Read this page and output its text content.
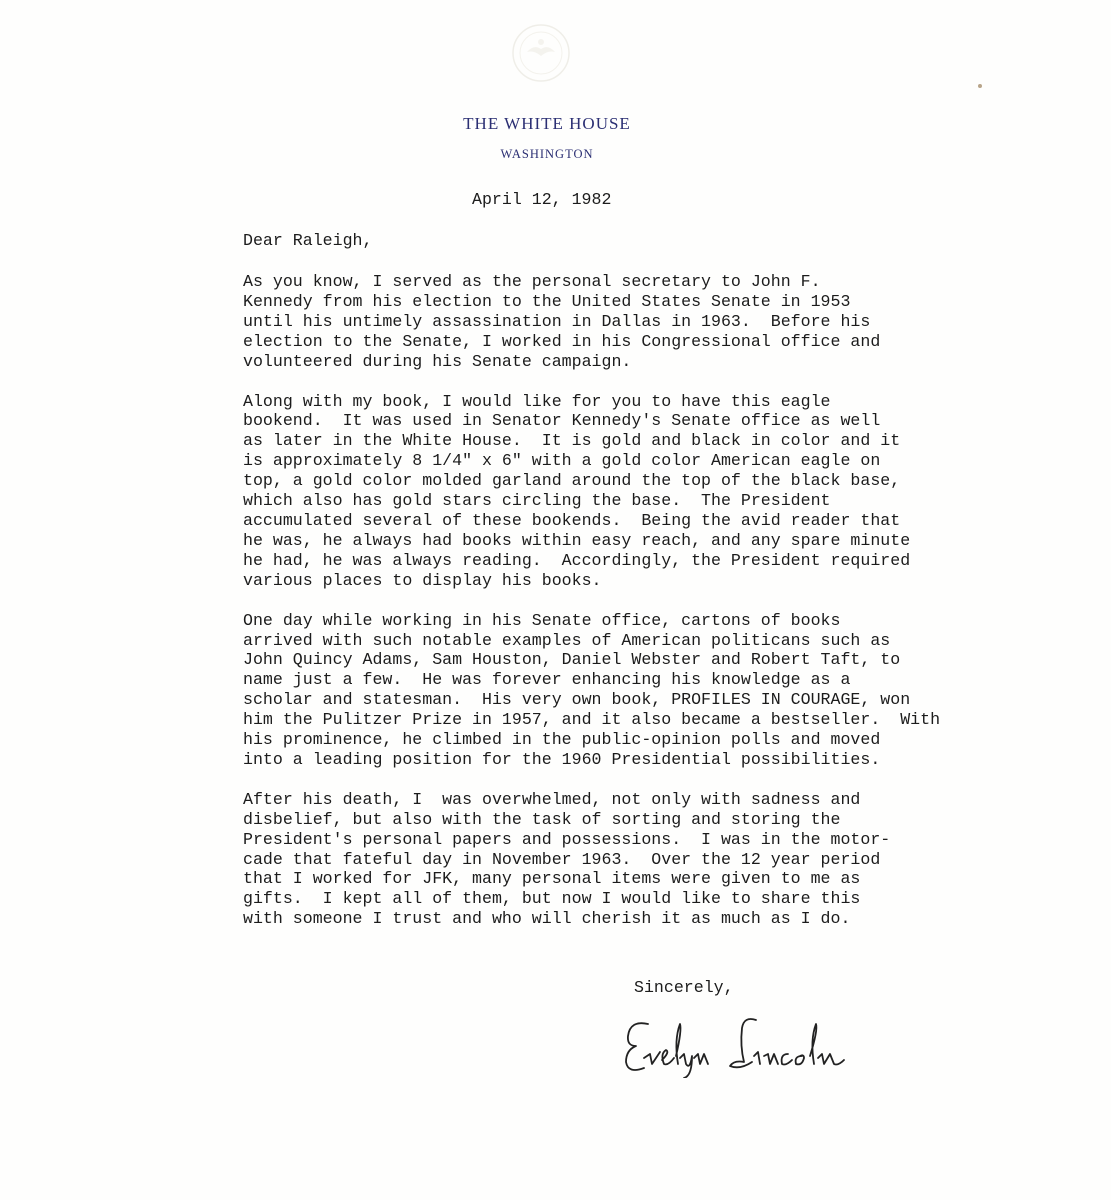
THE WHITE HOUSE
WASHINGTON
April 12, 1982
Dear Raleigh,

As you know, I served as the personal secretary to John F.
Kennedy from his election to the United States Senate in 1953
until his untimely assassination in Dallas in 1963.  Before his
election to the Senate, I worked in his Congressional office and
volunteered during his Senate campaign.

Along with my book, I would like for you to have this eagle
bookend.  It was used in Senator Kennedy's Senate office as well
as later in the White House.  It is gold and black in color and it
is approximately 8 1/4" x 6" with a gold color American eagle on
top, a gold color molded garland around the top of the black base,
which also has gold stars circling the base.  The President
accumulated several of these bookends.  Being the avid reader that
he was, he always had books within easy reach, and any spare minute
he had, he was always reading.  Accordingly, the President required
various places to display his books.

One day while working in his Senate office, cartons of books
arrived with such notable examples of American politicans such as
John Quincy Adams, Sam Houston, Daniel Webster and Robert Taft, to
name just a few.  He was forever enhancing his knowledge as a
scholar and statesman.  His very own book, PROFILES IN COURAGE, won
him the Pulitzer Prize in 1957, and it also became a bestseller.  With
his prominence, he climbed in the public-opinion polls and moved
into a leading position for the 1960 Presidential possibilities.

After his death, I  was overwhelmed, not only with sadness and
disbelief, but also with the task of sorting and storing the
President's personal papers and possessions.  I was in the motor-
cade that fateful day in November 1963.  Over the 12 year period
that I worked for JFK, many personal items were given to me as
gifts.  I kept all of them, but now I would like to share this
with someone I trust and who will cherish it as much as I do.

Sincerely,
